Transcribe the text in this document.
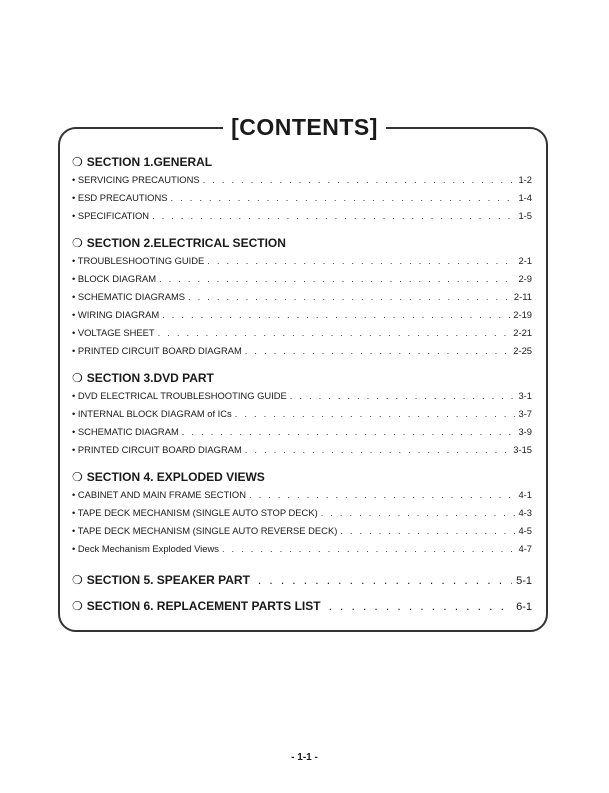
[CONTENTS]
❍ SECTION 1.GENERAL
• SERVICING PRECAUTIONS . . .	1-2
• ESD PRECAUTIONS . . .	1-4
• SPECIFICATION . . .	1-5
❍ SECTION 2.ELECTRICAL SECTION
• TROUBLESHOOTING GUIDE . . .	2-1
• BLOCK DIAGRAM . . .	2-9
• SCHEMATIC DIAGRAMS . . .	2-11
• WIRING DIAGRAM . . .	2-19
• VOLTAGE SHEET . . .	2-21
• PRINTED CIRCUIT BOARD DIAGRAM . . .	2-25
❍ SECTION 3.DVD PART
• DVD ELECTRICAL TROUBLESHOOTING GUIDE . . .	3-1
• INTERNAL BLOCK DIAGRAM of ICs . . .	3-7
• SCHEMATIC DIAGRAM . . .	3-9
• PRINTED CIRCUIT BOARD DIAGRAM . . .	3-15
❍ SECTION 4. EXPLODED VIEWS
• CABINET AND MAIN FRAME SECTION . . .	4-1
• TAPE DECK MECHANISM (SINGLE AUTO STOP DECK) . . .	4-3
• TAPE DECK MECHANISM (SINGLE AUTO REVERSE DECK) . . .	4-5
• Deck Mechanism Exploded Views . . .	4-7
❍ SECTION 5. SPEAKER PART . . .	5-1
❍ SECTION 6. REPLACEMENT PARTS LIST . . .	6-1
- 1-1 -
